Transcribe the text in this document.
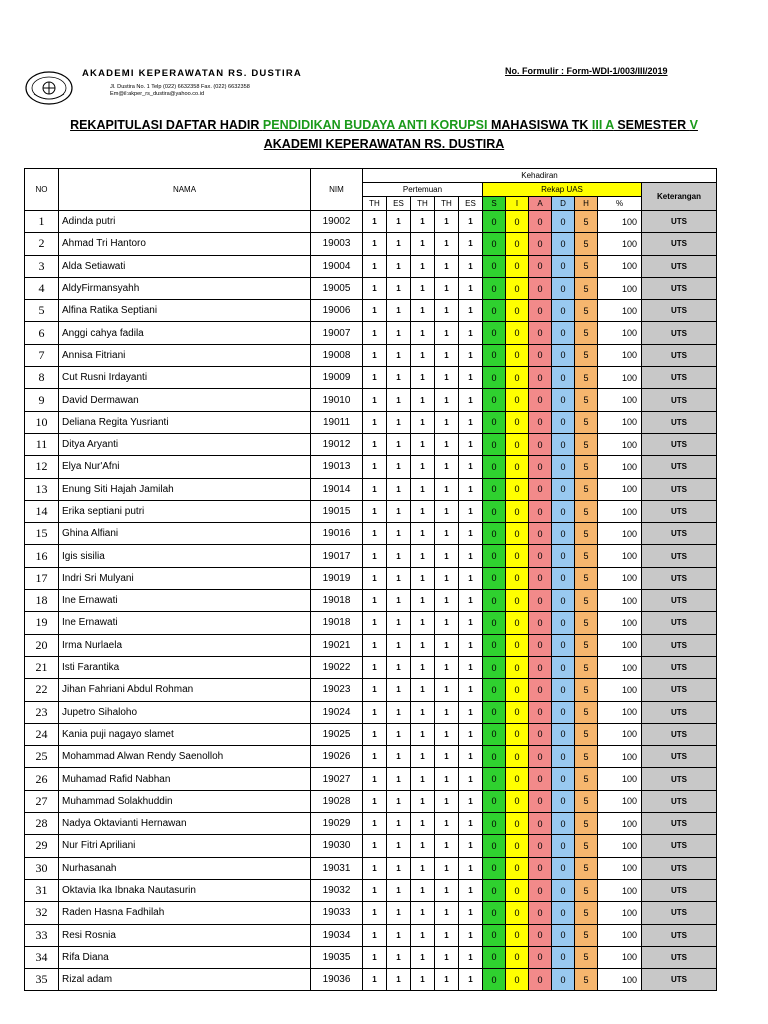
AKADEMI KEPERAWATAN RS. DUSTIRA
Jl. Dustira No. 1 Telp (022) 6632358 Fax. (022) 6632358
Em@il:akper_rs_dustira@yahoo.co.id
No. Formulir : Form-WDI-1/003/III/2019
REKAPITULASI DAFTAR HADIR PENDIDIKAN BUDAYA ANTI KORUPSI MAHASISWA TK III A SEMESTER V
AKADEMI KEPERAWATAN RS. DUSTIRA
NO	NAMA	NIM	Kehadiran											
			Pertemuan					Rekap UAS						Keterangan
			TH	ES	TH	TH	ES	S	I	A	D	H	%	
1	Adinda putri	19002	1	1	1	1	1	0	0	0	0	5	100	UTS
2	Ahmad Tri Hantoro	19003	1	1	1	1	1	0	0	0	0	5	100	UTS
3	Alda Setiawati	19004	1	1	1	1	1	0	0	0	0	5	100	UTS
4	AldyFirmansyahh	19005	1	1	1	1	1	0	0	0	0	5	100	UTS
5	Alfina Ratika Septiani	19006	1	1	1	1	1	0	0	0	0	5	100	UTS
6	Anggi cahya fadila	19007	1	1	1	1	1	0	0	0	0	5	100	UTS
7	Annisa Fitriani	19008	1	1	1	1	1	0	0	0	0	5	100	UTS
8	Cut Rusni Irdayanti	19009	1	1	1	1	1	0	0	0	0	5	100	UTS
9	David Dermawan	19010	1	1	1	1	1	0	0	0	0	5	100	UTS
10	Deliana Regita Yusrianti	19011	1	1	1	1	1	0	0	0	0	5	100	UTS
11	Ditya Aryanti	19012	1	1	1	1	1	0	0	0	0	5	100	UTS
12	Elya Nur'Afni	19013	1	1	1	1	1	0	0	0	0	5	100	UTS
13	Enung Siti Hajah Jamilah	19014	1	1	1	1	1	0	0	0	0	5	100	UTS
14	Erika septiani putri	19015	1	1	1	1	1	0	0	0	0	5	100	UTS
15	Ghina Alfiani	19016	1	1	1	1	1	0	0	0	0	5	100	UTS
16	Igis sisilia	19017	1	1	1	1	1	0	0	0	0	5	100	UTS
17	Indri Sri Mulyani	19019	1	1	1	1	1	0	0	0	0	5	100	UTS
18	Ine Ernawati	19018	1	1	1	1	1	0	0	0	0	5	100	UTS
19	Ine Ernawati	19018	1	1	1	1	1	0	0	0	0	5	100	UTS
20	Irma Nurlaela	19021	1	1	1	1	1	0	0	0	0	5	100	UTS
21	Isti Farantika	19022	1	1	1	1	1	0	0	0	0	5	100	UTS
22	Jihan Fahriani Abdul Rohman	19023	1	1	1	1	1	0	0	0	0	5	100	UTS
23	Jupetro Sihaloho	19024	1	1	1	1	1	0	0	0	0	5	100	UTS
24	Kania puji nagayo slamet	19025	1	1	1	1	1	0	0	0	0	5	100	UTS
25	Mohammad Alwan Rendy Saenolloh	19026	1	1	1	1	1	0	0	0	0	5	100	UTS
26	Muhamad Rafid Nabhan	19027	1	1	1	1	1	0	0	0	0	5	100	UTS
27	Muhammad Solakhuddin	19028	1	1	1	1	1	0	0	0	0	5	100	UTS
28	Nadya Oktavianti Hernawan	19029	1	1	1	1	1	0	0	0	0	5	100	UTS
29	Nur Fitri Apriliani	19030	1	1	1	1	1	0	0	0	0	5	100	UTS
30	Nurhasanah	19031	1	1	1	1	1	0	0	0	0	5	100	UTS
31	Oktavia Ika Ibnaka Nautasurin	19032	1	1	1	1	1	0	0	0	0	5	100	UTS
32	Raden Hasna Fadhilah	19033	1	1	1	1	1	0	0	0	0	5	100	UTS
33	Resi Rosnia	19034	1	1	1	1	1	0	0	0	0	5	100	UTS
34	Rifa Diana	19035	1	1	1	1	1	0	0	0	0	5	100	UTS
35	Rizal adam	19036	1	1	1	1	1	0	0	0	0	5	100	UTS
